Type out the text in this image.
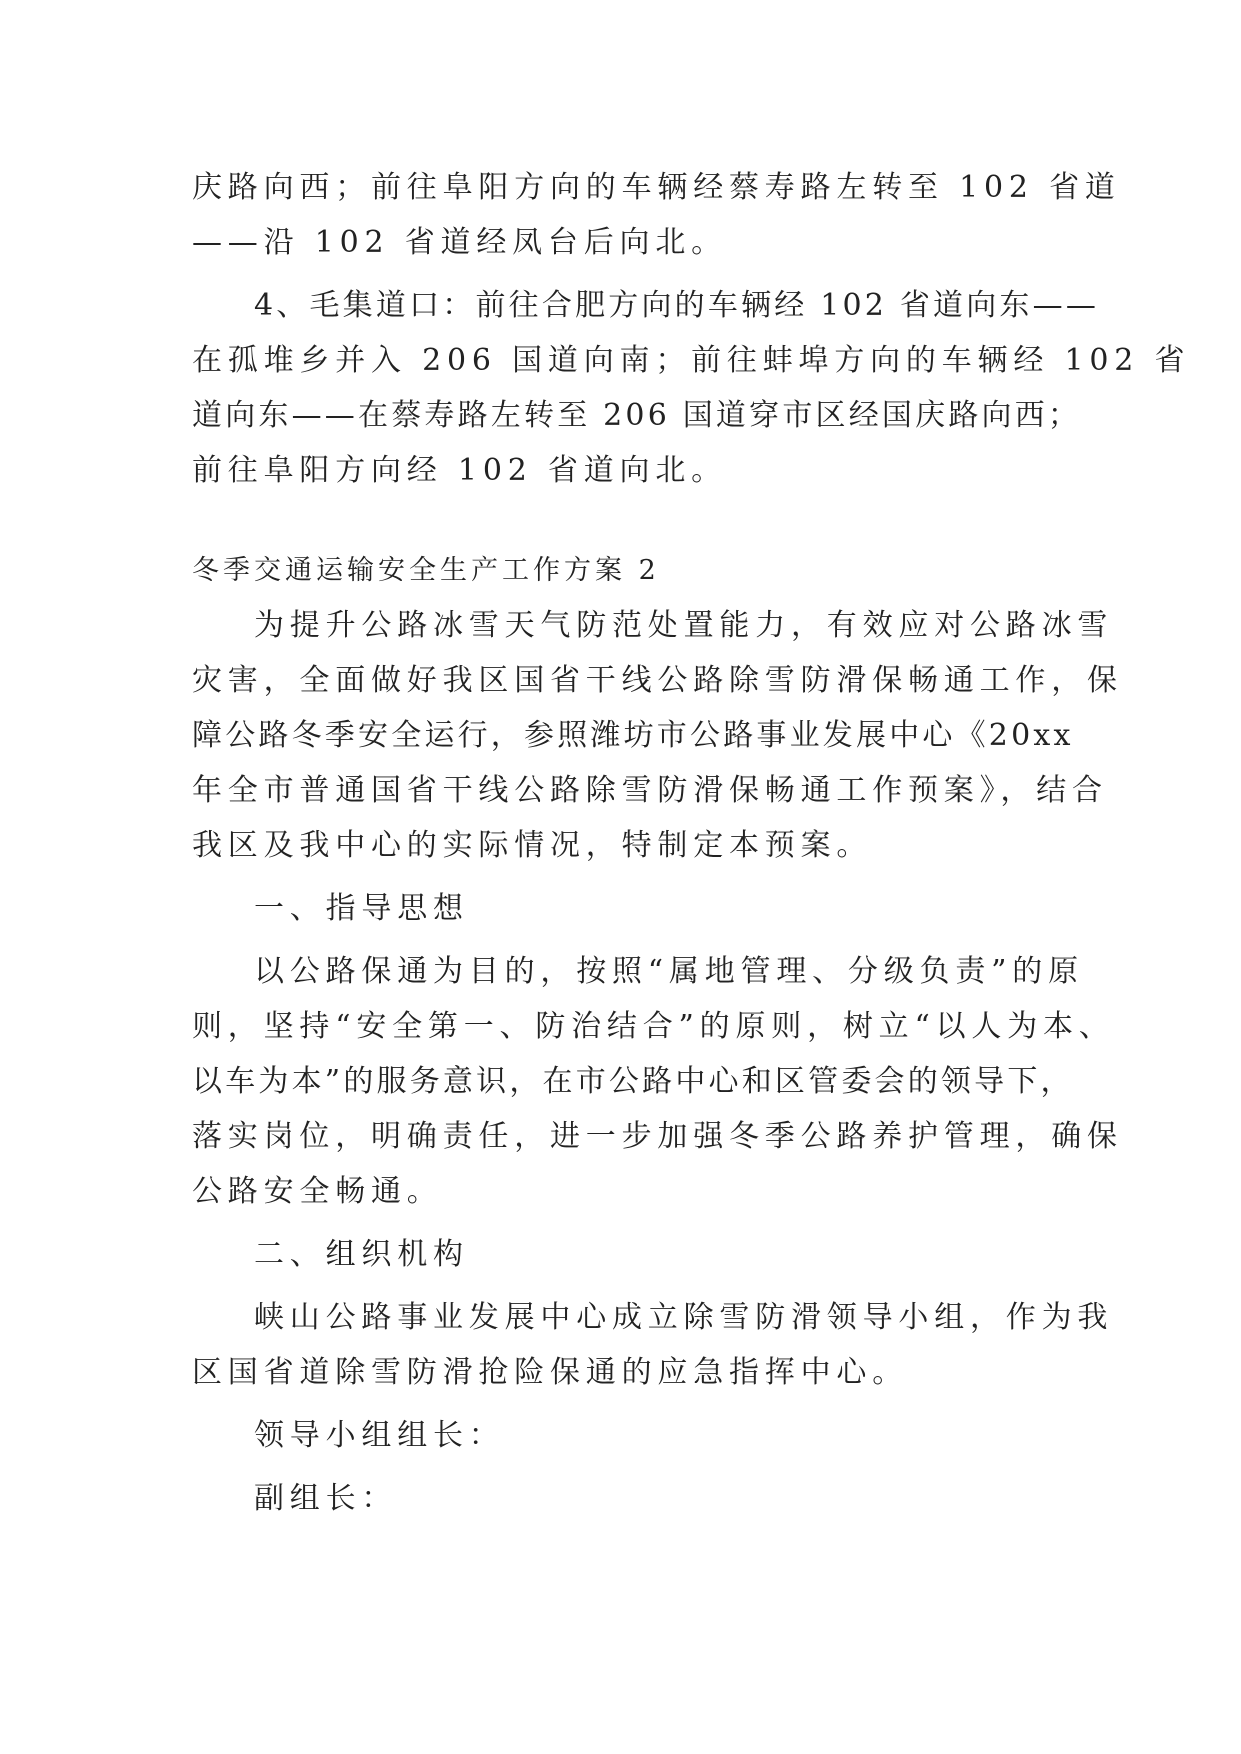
庆路向西；前往阜阳方向的车辆经蔡寿路左转至 102 省道
——沿 102 省道经凤台后向北。
4、毛集道口：前往合肥方向的车辆经 102 省道向东——
在孤堆乡并入 206 国道向南；前往蚌埠方向的车辆经 102 省
道向东——在蔡寿路左转至 206 国道穿市区经国庆路向西；
前往阜阳方向经 102 省道向北。
冬季交通运输安全生产工作方案 2
为提升公路冰雪天气防范处置能力，有效应对公路冰雪
灾害，全面做好我区国省干线公路除雪防滑保畅通工作，保
障公路冬季安全运行，参照潍坊市公路事业发展中心《20xx
年全市普通国省干线公路除雪防滑保畅通工作预案》，结合
我区及我中心的实际情况，特制定本预案。
一、指导思想
以公路保通为目的，按照“属地管理、分级负责”的原
则，坚持“安全第一、防治结合”的原则，树立“以人为本、
以车为本”的服务意识，在市公路中心和区管委会的领导下，
落实岗位，明确责任，进一步加强冬季公路养护管理，确保
公路安全畅通。
二、组织机构
峡山公路事业发展中心成立除雪防滑领导小组，作为我
区国省道除雪防滑抢险保通的应急指挥中心。
领导小组组长：
副组长：
